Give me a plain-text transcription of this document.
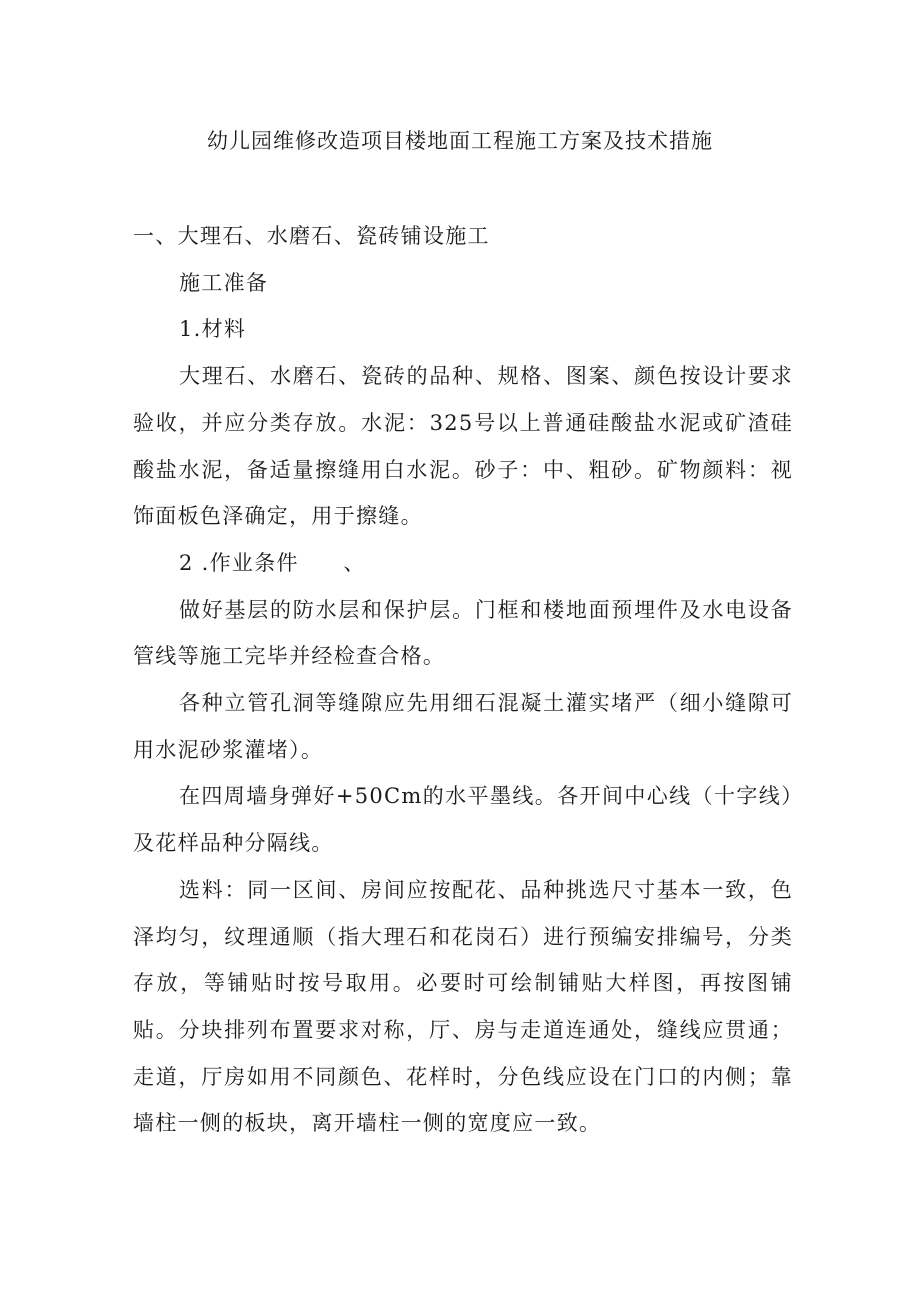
幼儿园维修改造项目楼地面工程施工方案及技术措施

一、大理石、水磨石、瓷砖铺设施工

施工准备

1.材料

大理石、水磨石、瓷砖的品种、规格、图案、颜色按设计要求验收，并应分类存放。水泥：325号以上普通硅酸盐水泥或矿渣硅酸盐水泥，备适量擦缝用白水泥。砂子：中、粗砂。矿物颜料：视饰面板色泽确定，用于擦缝。

2 .作业条件　　、

做好基层的防水层和保护层。门框和楼地面预埋件及水电设备管线等施工完毕并经检查合格。

各种立管孔洞等缝隙应先用细石混凝土灌实堵严（细小缝隙可用水泥砂浆灌堵）。

在四周墙身弹好+50Cm的水平墨线。各开间中心线（十字线）及花样品种分隔线。

选料：同一区间、房间应按配花、品种挑选尺寸基本一致，色泽均匀，纹理通顺（指大理石和花岗石）进行预编安排编号，分类存放，等铺贴时按号取用。必要时可绘制铺贴大样图，再按图铺贴。分块排列布置要求对称，厅、房与走道连通处，缝线应贯通；走道，厅房如用不同颜色、花样时，分色线应设在门口的内侧；靠墙柱一侧的板块，离开墙柱一侧的宽度应一致。
